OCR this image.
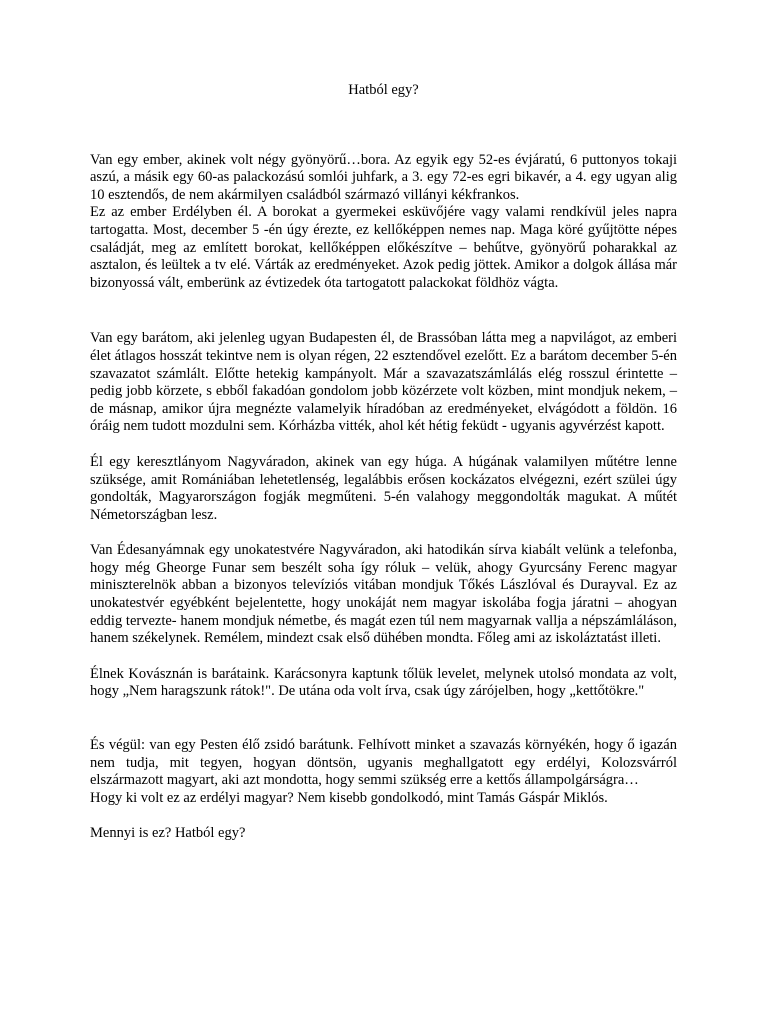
Hatból egy?

Van egy ember, akinek volt négy gyönyörű…bora. Az egyik egy 52-es évjáratú, 6 puttonyos tokaji aszú, a másik egy 60-as palackozású somlói juhfark, a 3. egy 72-es egri bikavér, a 4. egy ugyan alig 10 esztendős, de nem akármilyen családból származó villányi kékfrankos.
Ez az ember Erdélyben él. A borokat a gyermekei esküvőjére vagy valami rendkívül jeles napra tartogatta. Most, december 5 -én úgy érezte, ez kellőképpen nemes nap. Maga köré gyűjtötte népes családját, meg az említett borokat, kellőképpen előkészítve – behűtve, gyönyörű poharakkal az asztalon, és leültek a tv elé. Várták az eredményeket. Azok pedig jöttek. Amikor a dolgok állása már bizonyossá vált, emberünk az évtizedek óta tartogatott palackokat földhöz vágta.

Van egy barátom, aki jelenleg ugyan Budapesten él, de Brassóban látta meg a napvilágot, az emberi élet átlagos hosszát tekintve nem is olyan régen, 22 esztendővel ezelőtt. Ez a barátom december 5-én szavazatot számlált. Előtte hetekig kampányolt. Már a szavazatszámlálás elég rosszul érintette – pedig jobb körzete, s ebből fakadóan gondolom jobb közérzete volt közben, mint mondjuk nekem, – de másnap, amikor újra megnézte valamelyik híradóban az eredményeket, elvágódott a földön. 16 óráig nem tudott mozdulni sem. Kórházba vitték, ahol két hétig feküdt - ugyanis agyvérzést kapott.

Él egy keresztlányom Nagyváradon, akinek van egy húga. A húgának valamilyen műtétre lenne szüksége, amit Romániában lehetetlenség, legalábbis erősen kockázatos elvégezni, ezért szülei úgy gondolták, Magyarországon fogják megműteni. 5-én valahogy meggondolták magukat. A műtét Németországban lesz.

Van Édesanyámnak egy unokatestvére Nagyváradon, aki hatodikán sírva kiabált velünk a telefonba, hogy még Gheorge Funar sem beszélt soha így róluk – velük, ahogy Gyurcsány Ferenc magyar miniszterelnök abban a bizonyos televíziós vitában mondjuk Tőkés Lászlóval és Durayval. Ez az unokatestvér egyébként bejelentette, hogy unokáját nem magyar iskolába fogja járatni – ahogyan eddig tervezte- hanem mondjuk németbe, és magát ezen túl nem magyarnak vallja a népszámláláson, hanem székelynek. Remélem, mindezt csak első dühében mondta. Főleg ami az iskoláztatást illeti.

Élnek Kovásznán is barátaink. Karácsonyra kaptunk tőlük levelet, melynek utolsó mondata az volt, hogy „Nem haragszunk rátok!". De utána oda volt írva, csak úgy zárójelben, hogy „kettőtökre."

És végül: van egy Pesten élő zsidó barátunk. Felhívott minket a szavazás környékén, hogy ő igazán nem tudja, mit tegyen, hogyan döntsön, ugyanis meghallgatott egy erdélyi, Kolozsvárról elszármazott magyart, aki azt mondotta, hogy semmi szükség erre a kettős állampolgárságra…
Hogy ki volt ez az erdélyi magyar? Nem kisebb gondolkodó, mint Tamás Gáspár Miklós.

Mennyi is ez? Hatból egy?
